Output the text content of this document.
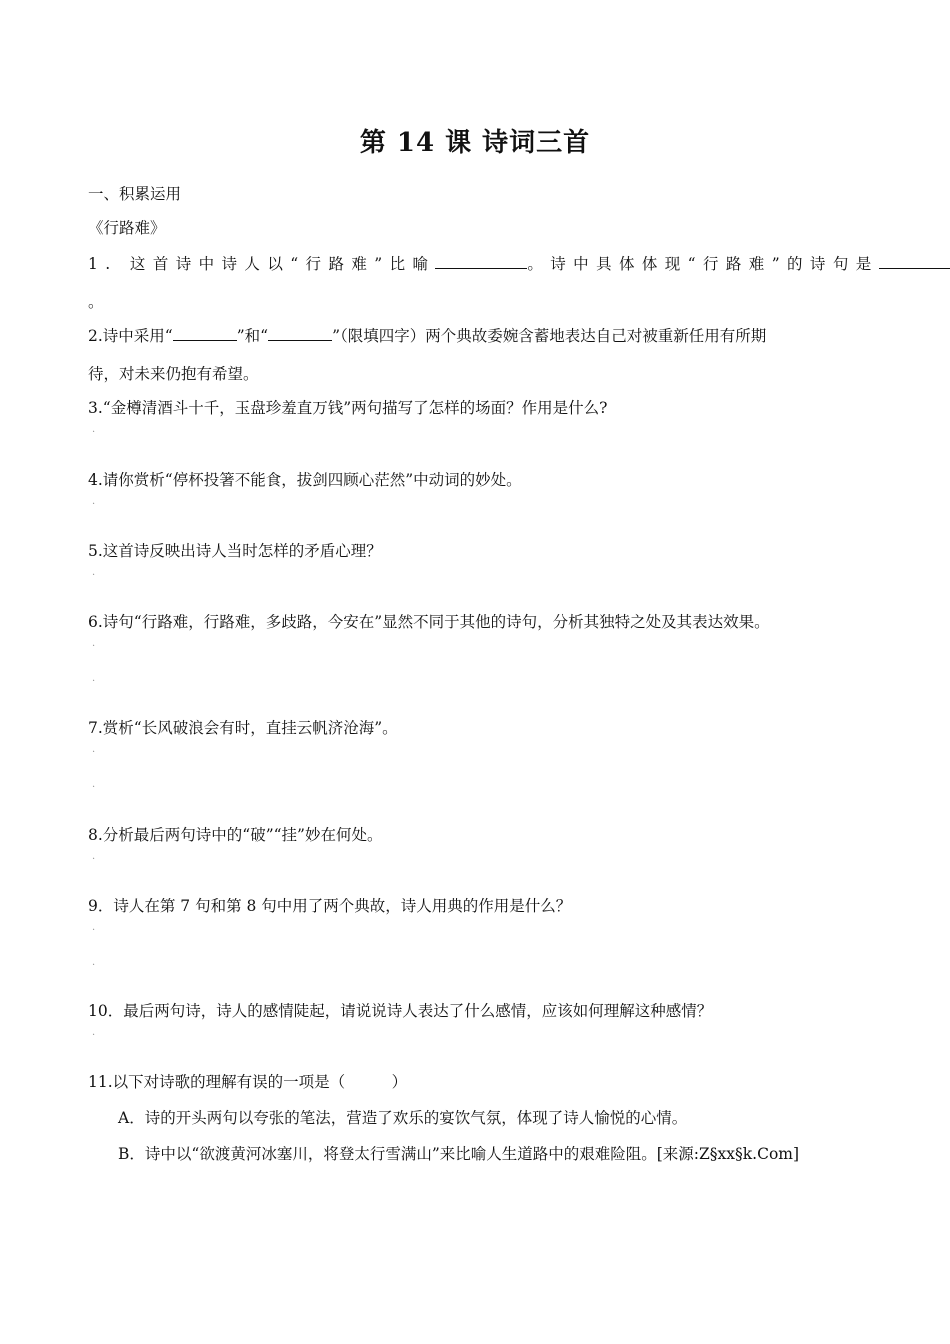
第 14 课 诗词三首
一、积累运用
《行路难》
1. 这首诗中诗人以“行路难”比喻	。诗中具体体现“行路难”的诗句是
。
2.诗中采用“	”和“	”（限填四字）两个典故委婉含蓄地表达自己对被重新任用有所期
待，对未来仍抱有希望。
3.“金樽清酒斗十千，玉盘珍羞直万钱”两句描写了怎样的场面？作用是什么?
·
4.请你赏析“停杯投箸不能食，拔剑四顾心茫然”中动词的妙处。
·
5.这首诗反映出诗人当时怎样的矛盾心理？
·
6.诗句“行路难，行路难，多歧路，今安在”显然不同于其他的诗句，分析其独特之处及其表达效果。
·
·
7.赏析“长风破浪会有时，直挂云帆济沧海”。
·
·
8.分析最后两句诗中的“破”“挂”妙在何处。
·
9．诗人在第 7 句和第 8 句中用了两个典故，诗人用典的作用是什么？
·
·
10．最后两句诗，诗人的感情陡起，请说说诗人表达了什么感情，应该如何理解这种感情？
·
11.以下对诗歌的理解有误的一项是（　　　）
A．诗的开头两句以夸张的笔法，营造了欢乐的宴饮气氛，体现了诗人愉悦的心情。
B．诗中以“欲渡黄河冰塞川，将登太行雪满山”来比喻人生道路中的艰难险阻。[来源:Z§xx§k.Com]
